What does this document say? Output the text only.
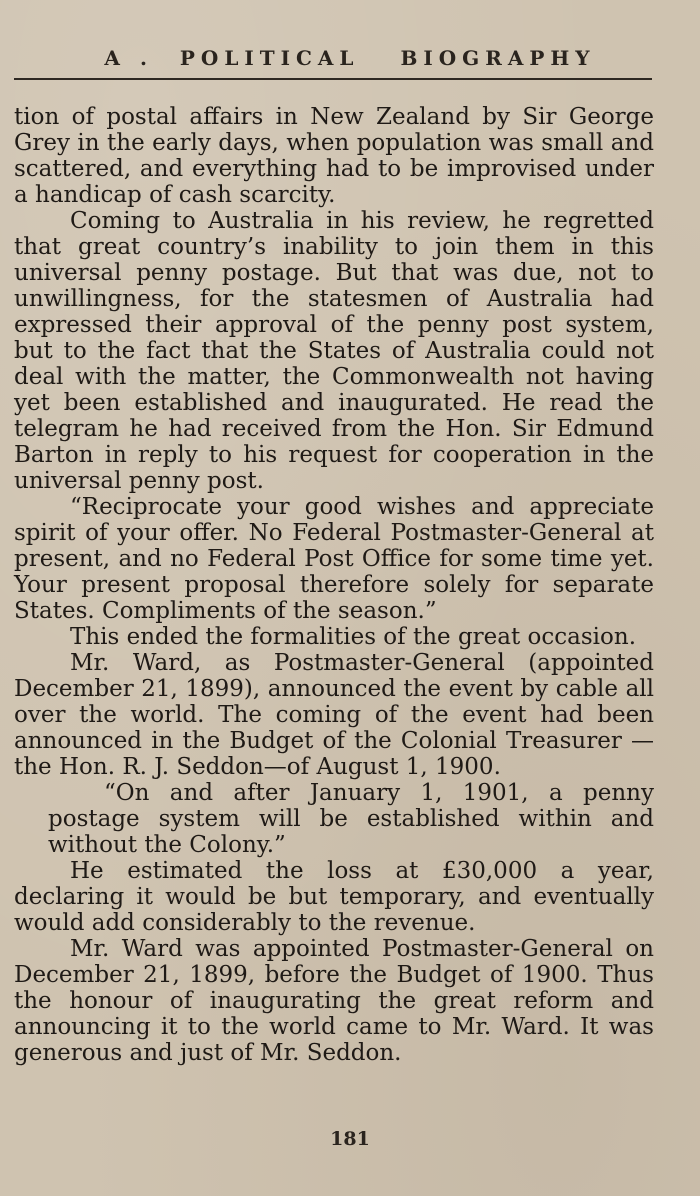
A . POLITICAL BIOGRAPHY

tion of postal affairs in New Zealand by Sir George Grey in the early days, when population was small and scattered, and everything had to be improvised under a handicap of cash scarcity.

Coming to Australia in his review, he regretted that great country’s inability to join them in this universal penny postage. But that was due, not to unwillingness, for the statesmen of Australia had expressed their approval of the penny post system, but to the fact that the States of Australia could not deal with the matter, the Commonwealth not having yet been established and inaugurated. He read the telegram he had received from the Hon. Sir Edmund Barton in reply to his request for cooperation in the universal penny post.

“Reciprocate your good wishes and appreciate spirit of your offer. No Federal Postmaster-General at present, and no Federal Post Office for some time yet. Your present proposal therefore solely for separate States. Compliments of the season.”

This ended the formalities of the great occasion.

Mr. Ward, as Postmaster-General (appointed December 21, 1899), announced the event by cable all over the world. The coming of the event had been announced in the Budget of the Colonial Treasurer —the Hon. R. J. Seddon—of August 1, 1900.

“On and after January 1, 1901, a penny postage system will be established within and without the Colony.”

He estimated the loss at £30,000 a year, declaring it would be but temporary, and eventually would add considerably to the revenue.

Mr. Ward was appointed Postmaster-General on December 21, 1899, before the Budget of 1900. Thus the honour of inaugurating the great reform and announcing it to the world came to Mr. Ward. It was generous and just of Mr. Seddon.

181
